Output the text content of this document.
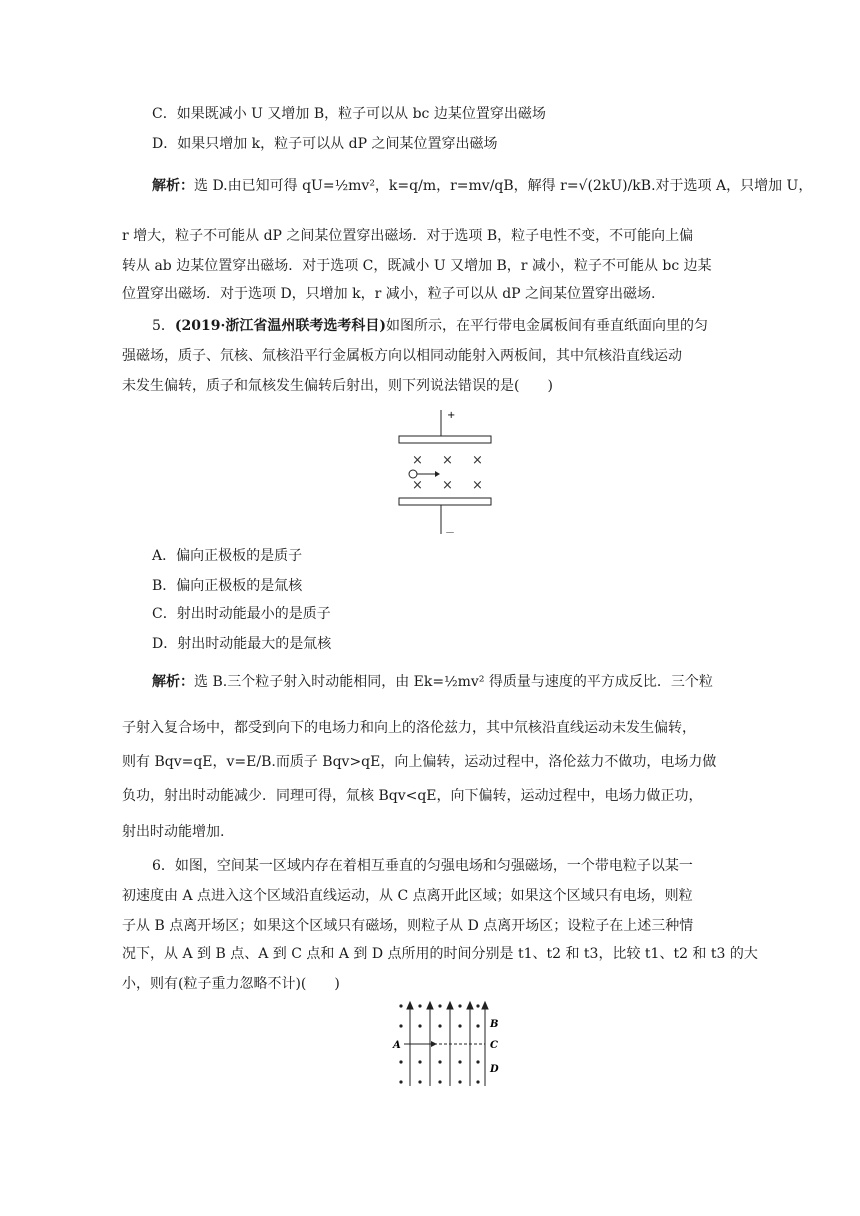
C．如果既减小 U 又增加 B，粒子可以从 bc 边某位置穿出磁场
D．如果只增加 k，粒子可以从 dP 之间某位置穿出磁场
解析：选 D.由已知可得 qU=½mv²，k=q/m，r=mv/qB，解得 r=√(2kU)/kB.对于选项 A，只增加 U，
r 增大，粒子不可能从 dP 之间某位置穿出磁场．对于选项 B，粒子电性不变，不可能向上偏
转从 ab 边某位置穿出磁场．对于选项 C，既减小 U 又增加 B，r 减小，粒子不可能从 bc 边某
位置穿出磁场．对于选项 D，只增加 k，r 减小，粒子可以从 dP 之间某位置穿出磁场.
5．(2019·浙江省温州联考选考科目)如图所示，在平行带电金属板间有垂直纸面向里的匀
强磁场，质子、氘核、氚核沿平行金属板方向以相同动能射入两板间，其中氘核沿直线运动
未发生偏转，质子和氚核发生偏转后射出，则下列说法错误的是(　　)
+
× × ×
× × ×
－
A．偏向正极板的是质子
B．偏向正极板的是氚核
C．射出时动能最小的是质子
D．射出时动能最大的是氚核
解析：选 B.三个粒子射入时动能相同，由 Ek=½mv² 得质量与速度的平方成反比．三个粒
子射入复合场中，都受到向下的电场力和向上的洛伦兹力，其中氘核沿直线运动未发生偏转，
则有 Bqv=qE，v=E/B.而质子 Bqv>qE，向上偏转，运动过程中，洛伦兹力不做功，电场力做
负功，射出时动能减少．同理可得，氚核 Bqv<qE，向下偏转，运动过程中，电场力做正功，
射出时动能增加.
6．如图，空间某一区域内存在着相互垂直的匀强电场和匀强磁场，一个带电粒子以某一
初速度由 A 点进入这个区域沿直线运动，从 C 点离开此区域；如果这个区域只有电场，则粒
子从 B 点离开场区；如果这个区域只有磁场，则粒子从 D 点离开场区；设粒子在上述三种情
况下，从 A 到 B 点、A 到 C 点和 A 到 D 点所用的时间分别是 t1、t2 和 t3，比较 t1、t2 和 t3 的大
小，则有(粒子重力忽略不计)(　　)
A
B
C
D
